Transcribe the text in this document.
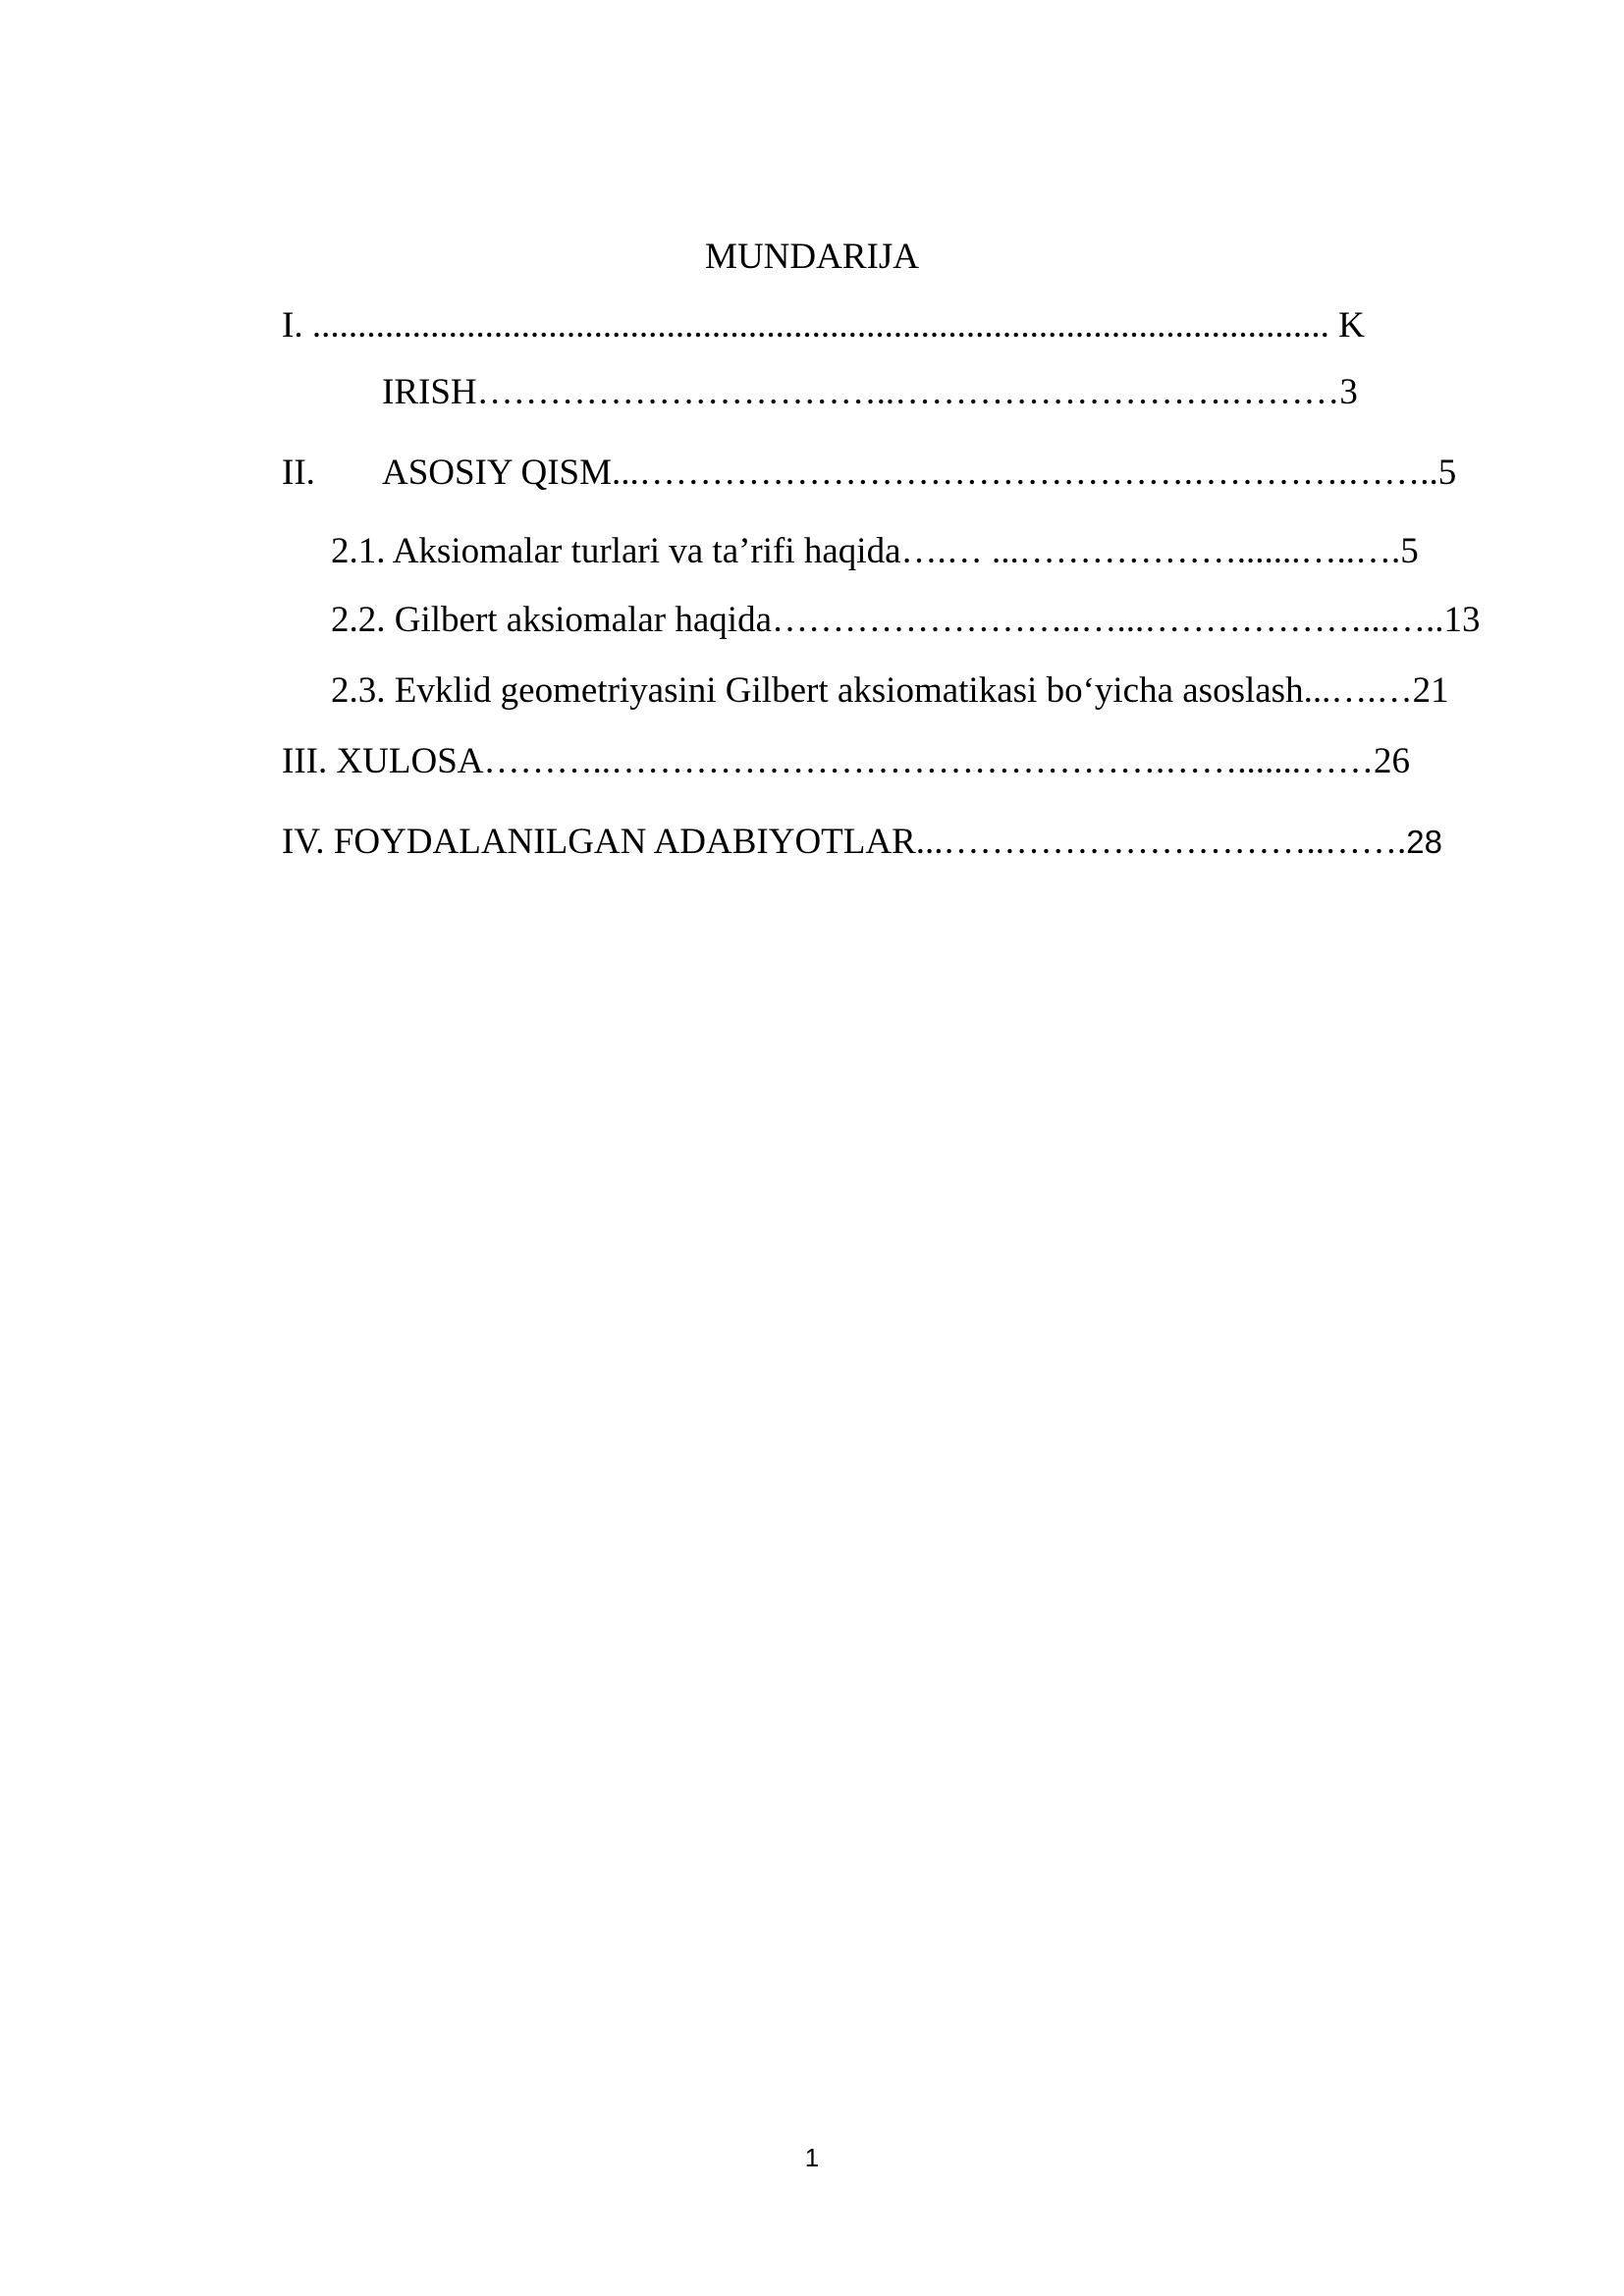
MUNDARIJA
I. ................................................................................................................ K
IRISH……………………………..……………………….………3
II. ASOSIY QISM...……………………………………….………….……..5
2.1. Aksiomalar turlari va ta’rifi haqida….… ...……………….......…..….5
2.2. Gilbert aksiomalar haqida……………………..…...………………...…..13
2.3. Evklid geometriyasini Gilbert aksiomatikasi bo‘yicha asoslash...….…21
III. XULOSA………..……………………………………….…….......……26
IV. FOYDALANILGAN ADABIYOTLAR...…………………………..…….28
1
